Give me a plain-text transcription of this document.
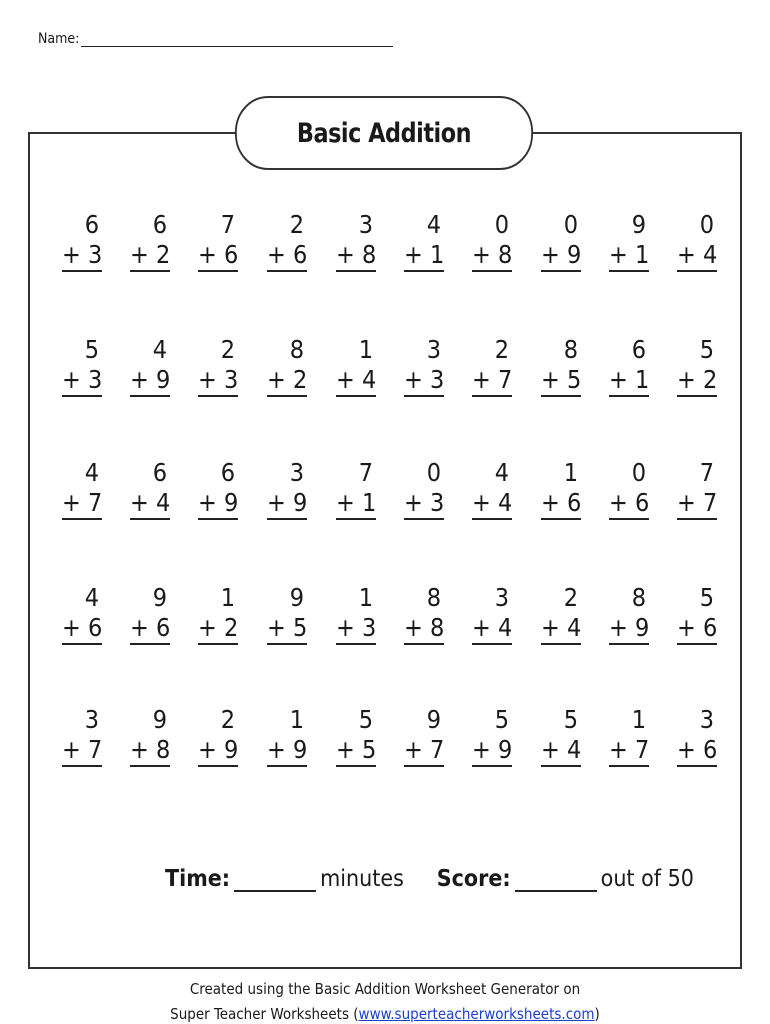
Name:
Basic Addition
6
+ 3
6
+ 2
7
+ 6
2
+ 6
3
+ 8
4
+ 1
0
+ 8
0
+ 9
9
+ 1
0
+ 4
5
+ 3
4
+ 9
2
+ 3
8
+ 2
1
+ 4
3
+ 3
2
+ 7
8
+ 5
6
+ 1
5
+ 2
4
+ 7
6
+ 4
6
+ 9
3
+ 9
7
+ 1
0
+ 3
4
+ 4
1
+ 6
0
+ 6
7
+ 7
4
+ 6
9
+ 6
1
+ 2
9
+ 5
1
+ 3
8
+ 8
3
+ 4
2
+ 4
8
+ 9
5
+ 6
3
+ 7
9
+ 8
2
+ 9
1
+ 9
5
+ 5
9
+ 7
5
+ 9
5
+ 4
1
+ 7
3
+ 6
Time:	minutes Score:	out of 50
Created using the Basic Addition Worksheet Generator on
Super Teacher Worksheets (www.superteacherworksheets.com)
